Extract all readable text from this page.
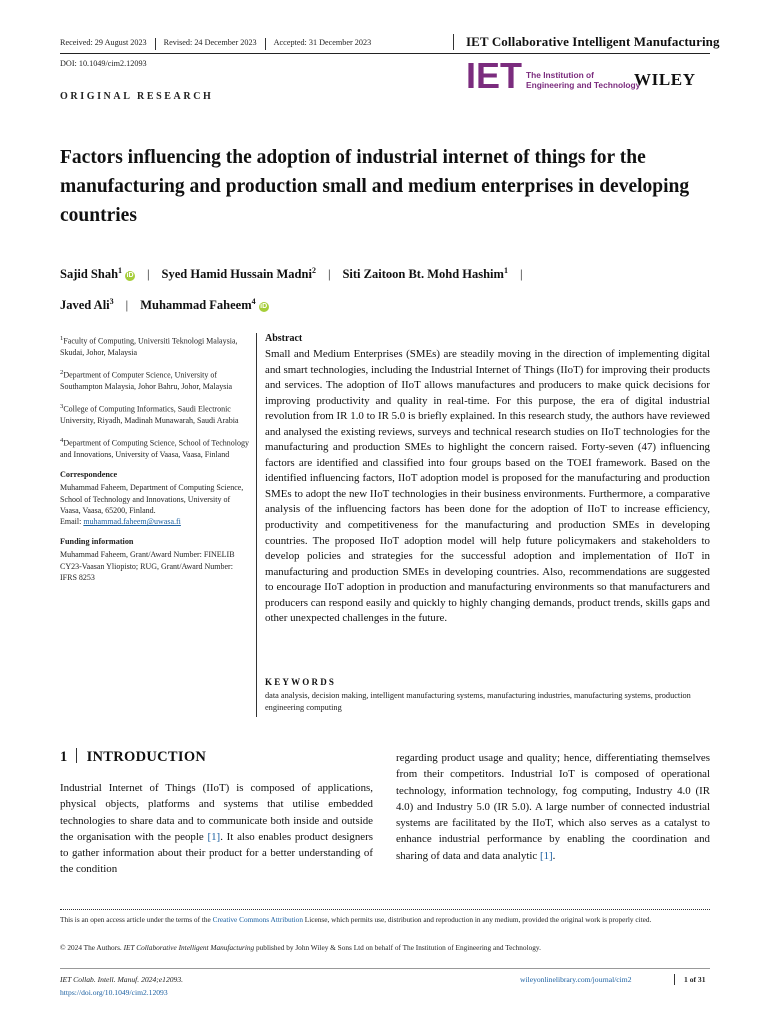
Received: 29 August 2023 Revised: 24 December 2023 Accepted: 31 December 2023	IET Collaborative Intelligent Manufacturing
DOI: 10.1049/cim2.12093	IET The Institution of
Engineering and Technology
WILEY
ORIGINAL RESEARCH
Factors influencing the adoption of industrial internet of things for the manufacturing and production small and medium enterprises in developing countries
Sajid Shah$^1$iD | Syed Hamid Hussain Madni$^2$ | Siti Zaitoon Bt. Mohd Hashim$^1$ |
Javed Ali$^3$ | Muhammad Faheem$^4$iD

$^1$Faculty of Computing, Universiti Teknologi Malaysia, Skudai, Johor, Malaysia

$^2$Department of Computer Science, University of Southampton Malaysia, Johor Bahru, Johor, Malaysia

$^3$College of Computing Informatics, Saudi Electronic University, Riyadh, Madinah Munawarah, Saudi Arabia

$^4$Department of Computing Science, School of Technology and Innovations, University of Vaasa, Vaasa, Finland

Correspondence

Muhammad Faheem, Department of Computing Science, School of Technology and Innovations, University of Vaasa, Vaasa, 65200, Finland.
Email: muhammad.faheem@uwasa.fi

Funding information

Muhammad Faheem, Grant/Award Number: FINELIB CY23-Vaasan Yliopisto; RUG, Grant/Award Number: IFRS 8253

Abstract
Small and Medium Enterprises (SMEs) are steadily moving in the direction of implementing digital and smart technologies, including the Industrial Internet of Things (IIoT) for improving their products and services. The adoption of IIoT allows manufactures and producers to make quick decisions for improving productivity and quality in real-time. For this purpose, the era of digital industrial revolution from IR 1.0 to IR 5.0 is briefly explained. In this research study, the authors have reviewed and analysed the existing reviews, surveys and technical research studies on IIoT technologies for the manufacturing and production SMEs to highlight the concern raised. Forty-seven (47) influencing factors are identified and classified into four groups based on the TOEI framework. Based on the identified influencing factors, IIoT adoption model is proposed for the manufacturing and production SMEs to adopt the new IIoT technologies in their business environments. Furthermore, a comparative analysis of the influencing factors has been done for the adoption of IIoT to increase efficiency, productivity and competitiveness for the manufacturing and production SMEs in developing countries. The proposed IIoT adoption model will help future policymakers and stakeholders to develop policies and strategies for the successful adoption and implementation of IIoT in manufacturing and production SMEs in developing countries. Also, recommendations are suggested to encourage IIoT adoption in production and manufacturing environments so that manufacturers and producers can respond easily and quickly to highly changing demands, product trends, skills gaps and other unexpected challenges in the future.
KEYWORDS
data analysis, decision making, intelligent manufacturing systems, manufacturing industries, manufacturing systems, production engineering computing
1 INTRODUCTION
Industrial Internet of Things (IIoT) is composed of applications, physical objects, platforms and systems that utilise embedded technologies to share data and to communicate both inside and outside the organisation with the people [1]. It also enables product designers to gather information about their product for a better understanding of the condition
regarding product usage and quality; hence, differentiating themselves from their competitors. Industrial IoT is composed of operational technology, information technology, fog computing, Industry 4.0 (IR 4.0) and Industry 5.0 (IR 5.0). A large number of connected industrial systems are facilitated by the IIoT, which also serves as a catalyst to enhance industrial performance by enabling the coordination and sharing of data and data analytic [1].
This is an open access article under the terms of the Creative Commons Attribution License, which permits use, distribution and reproduction in any medium, provided the original work is properly cited.
© 2024 The Authors. IET Collaborative Intelligent Manufacturing published by John Wiley & Sons Ltd on behalf of The Institution of Engineering and Technology.
IET Collab. Intell. Manuf. 2024;e12093.
https://doi.org/10.1049/cim2.12093
wileyonlinelibrary.com/journal/cim2	1 of 31
